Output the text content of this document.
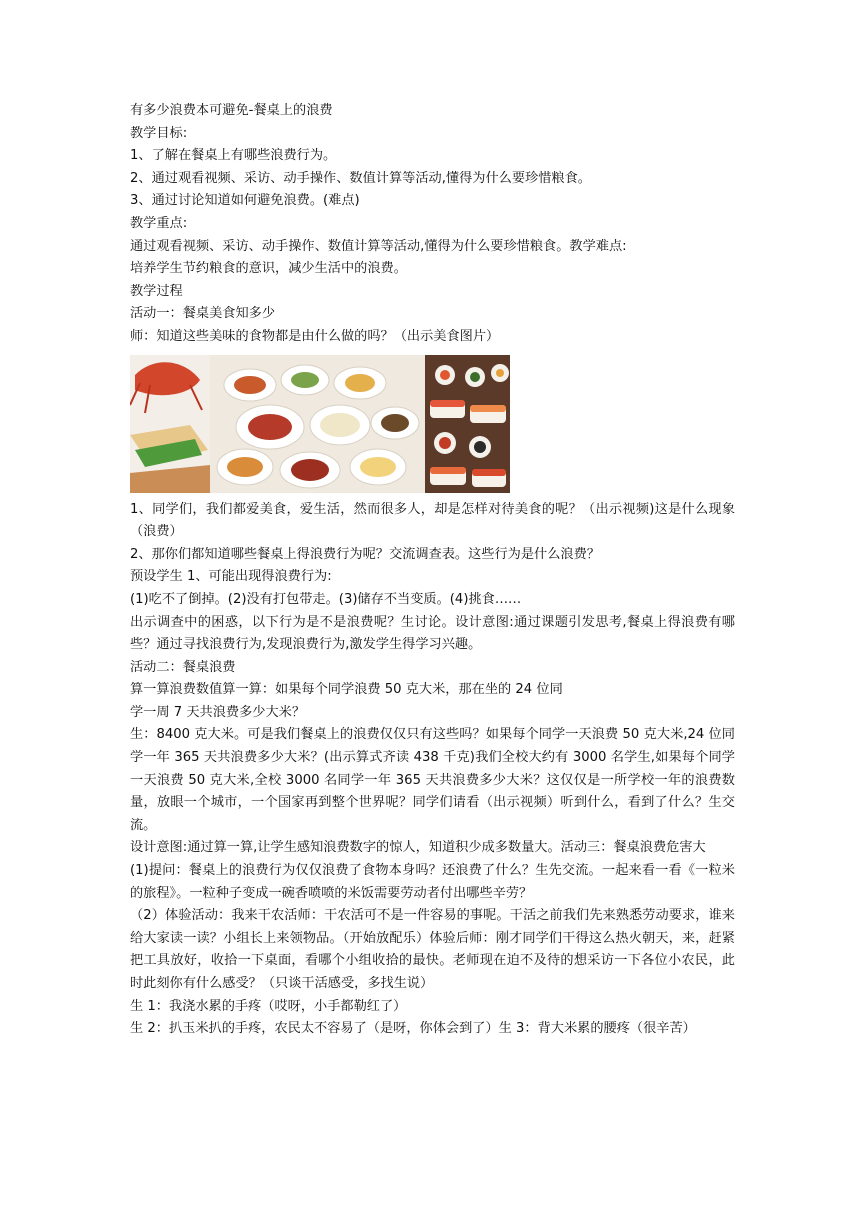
有多少浪费本可避免-餐桌上的浪费

教学目标:

1、了解在餐桌上有哪些浪费行为。

2、通过观看视频、采访、动手操作、数值计算等活动,懂得为什么要珍惜粮食。

3、通过讨论知道如何避免浪费。(难点)

教学重点:

通过观看视频、采访、动手操作、数值计算等活动,懂得为什么要珍惜粮食。教学难点:

培养学生节约粮食的意识，减少生活中的浪费。

教学过程

活动一：餐桌美食知多少

师：知道这些美味的食物都是由什么做的吗？（出示美食图片）

1、同学们，我们都爱美食，爱生活，然而很多人，却是怎样对待美食的呢？（出示视频)这是什么现象（浪费）

2、那你们都知道哪些餐桌上得浪费行为呢？交流调查表。这些行为是什么浪费？

预设学生 1、可能出现得浪费行为:

(1)吃不了倒掉。(2)没有打包带走。(3)储存不当变质。(4)挑食……

出示调查中的困惑，以下行为是不是浪费呢？生讨论。设计意图:通过课题引发思考,餐桌上得浪费有哪些？通过寻找浪费行为,发现浪费行为,激发学生得学习兴趣。

活动二：餐桌浪费

算一算浪费数值算一算：如果每个同学浪费 50 克大米，那在坐的 24 位同

学一周 7 天共浪费多少大米？

生：8400 克大米。可是我们餐桌上的浪费仅仅只有这些吗？如果每个同学一天浪费 50 克大米,24 位同学一年 365 天共浪费多少大米？(出示算式齐读 438 千克)我们全校大约有 3000 名学生,如果每个同学一天浪费 50 克大米,全校 3000 名同学一年 365 天共浪费多少大米？这仅仅是一所学校一年的浪费数量，放眼一个城市，一个国家再到整个世界呢？同学们请看（出示视频）听到什么，看到了什么？生交流。

设计意图:通过算一算,让学生感知浪费数字的惊人，知道积少成多数量大。活动三：餐桌浪费危害大

(1)提问：餐桌上的浪费行为仅仅浪费了食物本身吗？还浪费了什么？生先交流。一起来看一看《一粒米的旅程》。一粒种子变成一碗香喷喷的米饭需要劳动者付出哪些辛劳？

（2）体验活动：我来干农活师：干农活可不是一件容易的事呢。干活之前我们先来熟悉劳动要求，谁来给大家读一读？小组长上来领物品。（开始放配乐）体验后师：刚才同学们干得这么热火朝天，来，赶紧把工具放好，收拾一下桌面，看哪个小组收拾的最快。老师现在迫不及待的想采访一下各位小农民，此时此刻你有什么感受？（只谈干活感受，多找生说）

生 1：我浇水累的手疼（哎呀，小手都勒红了）

生 2：扒玉米扒的手疼，农民太不容易了（是呀，你体会到了）生 3：背大米累的腰疼（很辛苦）
